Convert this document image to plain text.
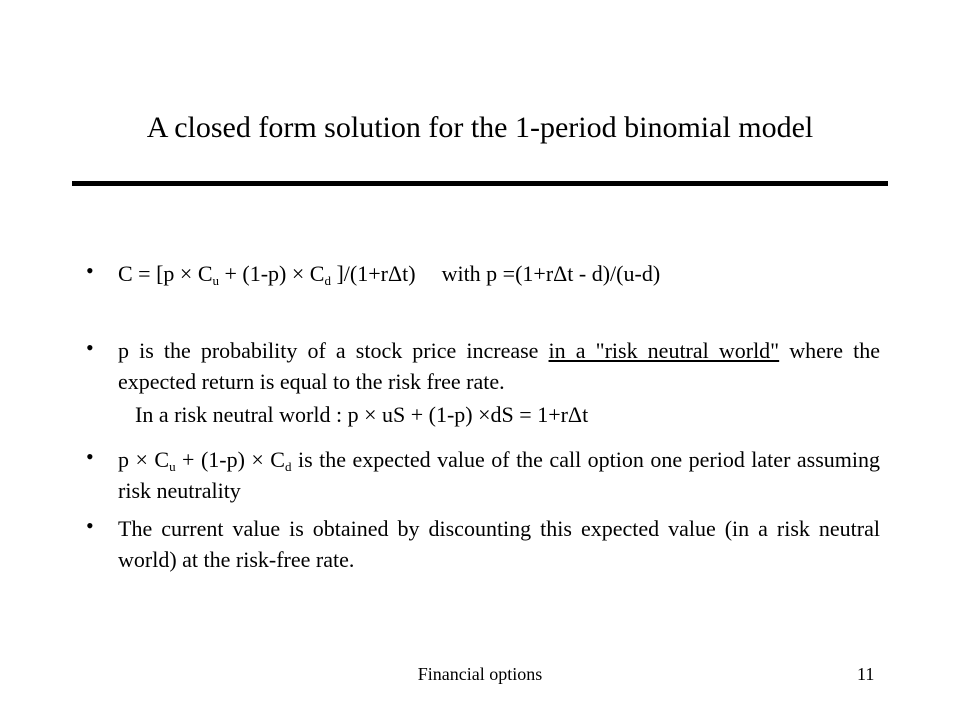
A closed form solution for the 1-period binomial model
• $C = [p \times C_u + (1-p) \times C_d$ ]/(1+rΔt) with p =(1+rΔt - d)/(u-d)
• p is the probability of a stock price increase in a "risk neutral world" where the expected return is equal to the risk free rate.
In a risk neutral world : p × uS + (1-p) ×dS = 1+rΔt
• $p \times C_u + (1-p) \times C_d$ is the expected value of the call option one period later assuming risk neutrality
• The current value is obtained by discounting this expected value (in a risk neutral world) at the risk-free rate.
Financial options	11
